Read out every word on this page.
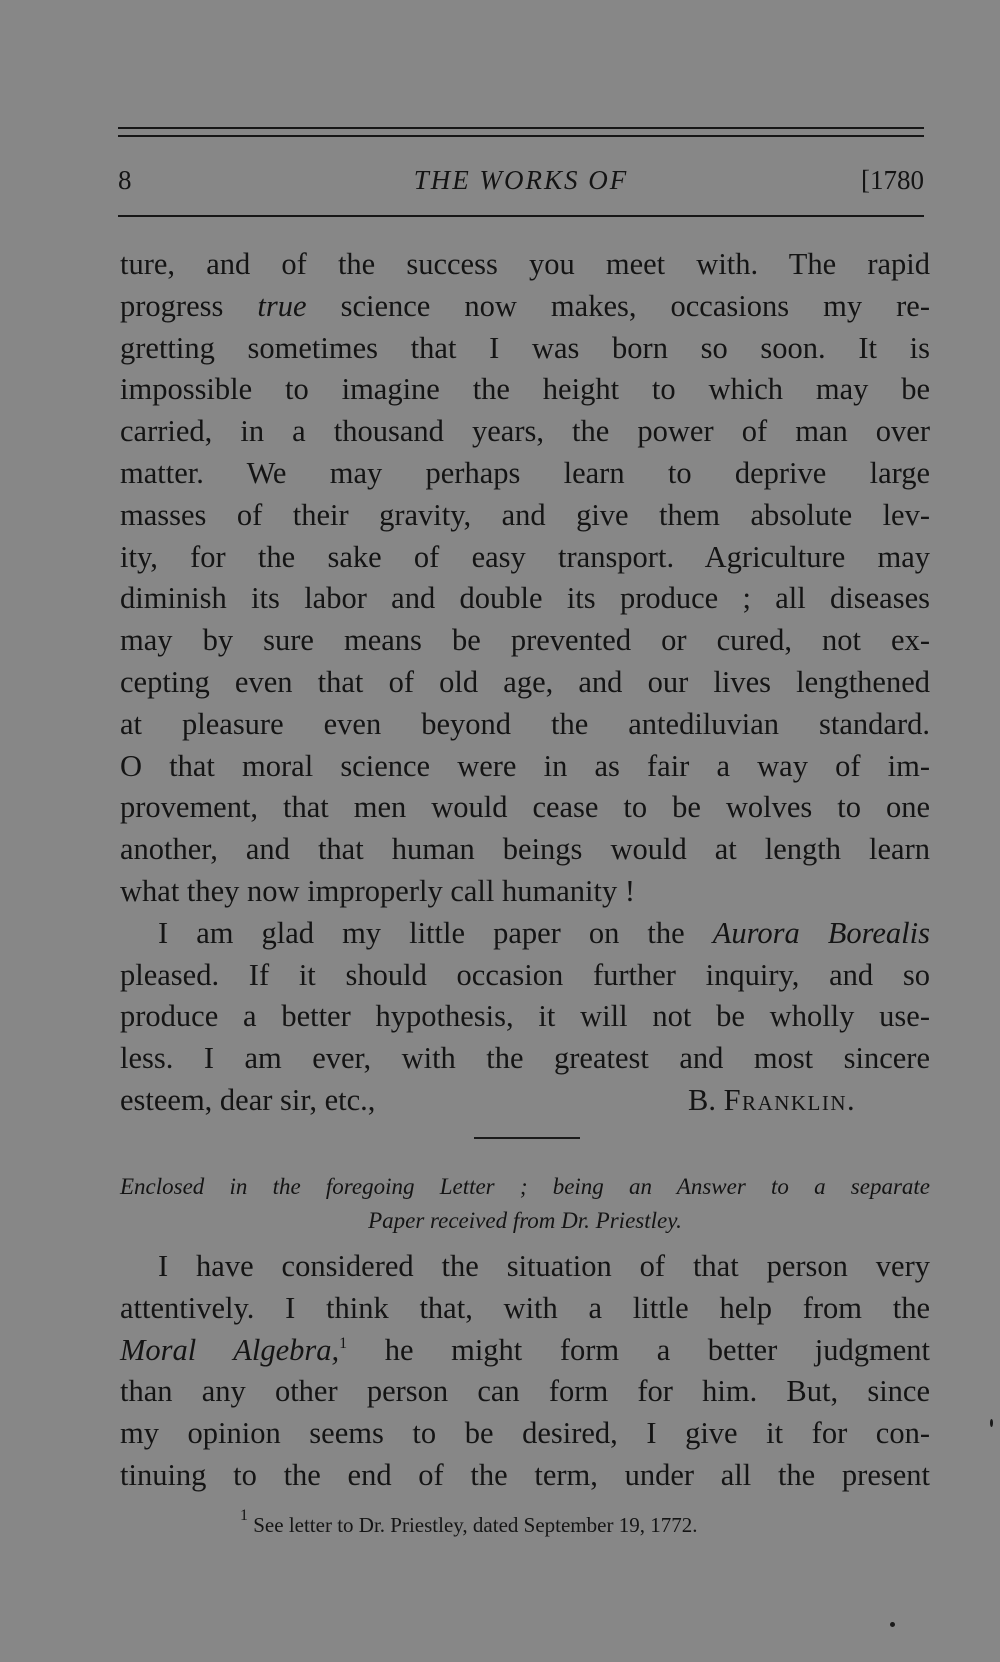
8	THE WORKS OF	[1780
ture, and of the success you meet with. The rapid
progress true science now makes, occasions my re-
gretting sometimes that I was born so soon. It is
impossible to imagine the height to which may be
carried, in a thousand years, the power of man over
matter. We may perhaps learn to deprive large
masses of their gravity, and give them absolute lev-
ity, for the sake of easy transport. Agriculture may
diminish its labor and double its produce ; all diseases
may by sure means be prevented or cured, not ex-
cepting even that of old age, and our lives lengthened
at pleasure even beyond the antediluvian standard.
O that moral science were in as fair a way of im-
provement, that men would cease to be wolves to one
another, and that human beings would at length learn
what they now improperly call humanity !
I am glad my little paper on the Aurora Borealis
pleased. If it should occasion further inquiry, and so
produce a better hypothesis, it will not be wholly use-
less. I am ever, with the greatest and most sincere
esteem, dear sir, etc.,	B. Franklin.
Enclosed in the foregoing Letter ; being an Answer to a separate
Paper received from Dr. Priestley.
I have considered the situation of that person very
attentively. I think that, with a little help from the
Moral Algebra,$^1$ he might form a better judgment
than any other person can form for him. But, since
my opinion seems to be desired, I give it for con-
tinuing to the end of the term, under all the present
$^1$ See letter to Dr. Priestley, dated September 19, 1772.
